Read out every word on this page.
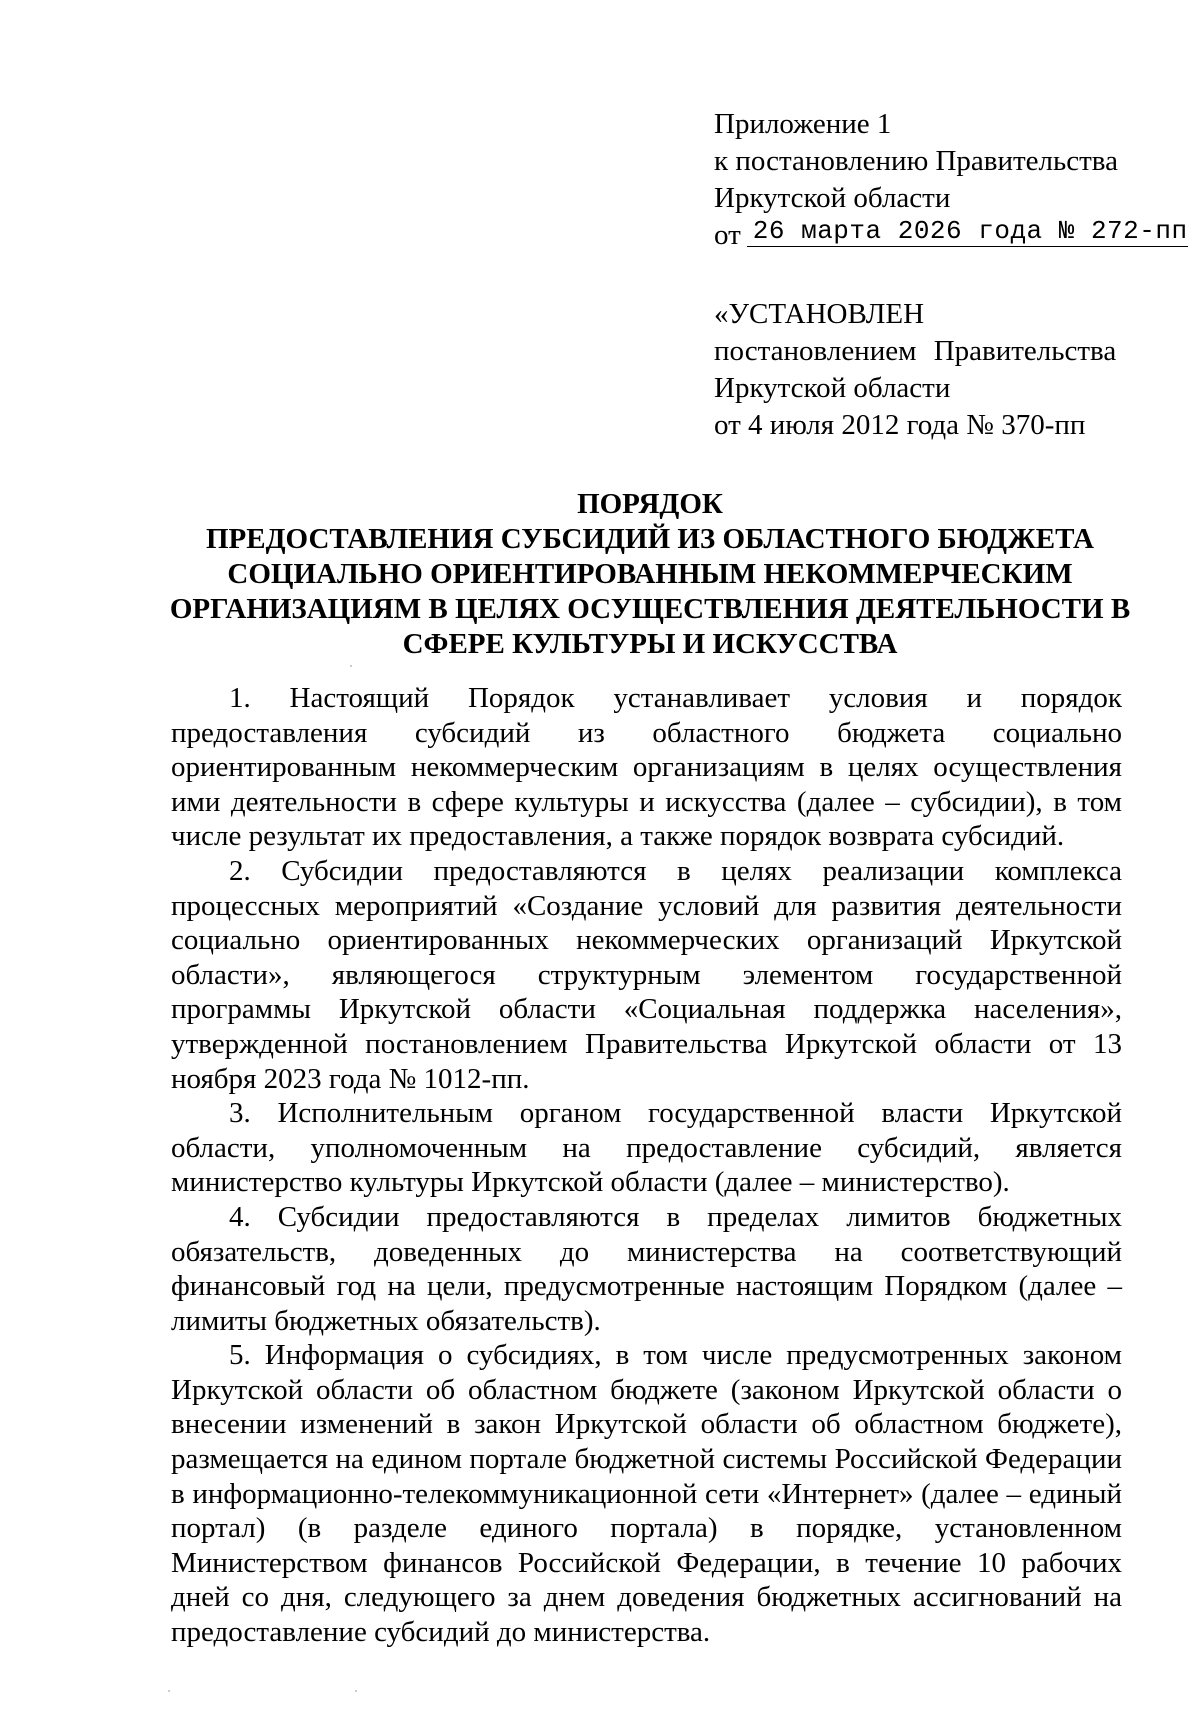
Приложение 1
к постановлению Правительства
Иркутской области
от 26 марта 2026 года № 272-пп
«УСТАНОВЛЕН
постановлением Правительства
Иркутской области
от 4 июля 2012 года № 370-пп
ПОРЯДОК
ПРЕДОСТАВЛЕНИЯ СУБСИДИЙ ИЗ ОБЛАСТНОГО БЮДЖЕТА
СОЦИАЛЬНО ОРИЕНТИРОВАННЫМ НЕКОММЕРЧЕСКИМ
ОРГАНИЗАЦИЯМ В ЦЕЛЯХ ОСУЩЕСТВЛЕНИЯ ДЕЯТЕЛЬНОСТИ В
СФЕРЕ КУЛЬТУРЫ И ИСКУССТВА

1. Настоящий Порядок устанавливает условия и порядок предоставления субсидий из областного бюджета социально ориентированным некоммерческим организациям в целях осуществления ими деятельности в сфере культуры и искусства (далее – субсидии), в том числе результат их предоставления, а также порядок возврата субсидий.

2. Субсидии предоставляются в целях реализации комплекса процессных мероприятий «Создание условий для развития деятельности социально ориентированных некоммерческих организаций Иркутской области», являющегося структурным элементом государственной программы Иркутской области «Социальная поддержка населения», утвержденной постановлением Правительства Иркутской области от 13 ноября 2023 года № 1012-пп.

3. Исполнительным органом государственной власти Иркутской области, уполномоченным на предоставление субсидий, является министерство культуры Иркутской области (далее – министерство).

4. Субсидии предоставляются в пределах лимитов бюджетных обязательств, доведенных до министерства на соответствующий финансовый год на цели, предусмотренные настоящим Порядком (далее – лимиты бюджетных обязательств).

5. Информация о субсидиях, в том числе предусмотренных законом Иркутской области об областном бюджете (законом Иркутской области о внесении изменений в закон Иркутской области об областном бюджете), размещается на едином портале бюджетной системы Российской Федерации в информационно-телекоммуникационной сети «Интернет» (далее – единый портал) (в разделе единого портала) в порядке, установленном Министерством финансов Российской Федерации, в течение 10 рабочих дней со дня, следующего за днем доведения бюджетных ассигнований на предоставление субсидий до министерства.
